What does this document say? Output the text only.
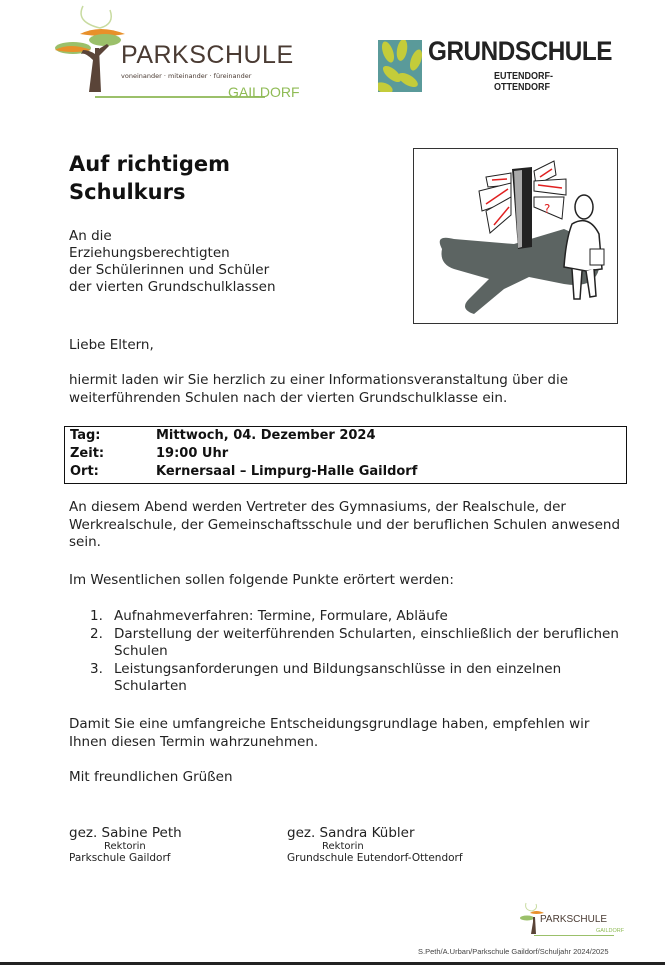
PARKSCHULE
voneinander · miteinander · füreinander
GAILDORF
GRUNDSCHULE
EUTENDORF-OTTENDORF
Auf richtigem
Schulkurs
An die
Erziehungsberechtigten
der Schülerinnen und Schüler
der vierten Grundschulklassen
?
Liebe Eltern,
hiermit laden wir Sie herzlich zu einer Informationsveranstaltung über die weiterführenden Schulen nach der vierten Grundschulklasse ein.
Tag:	Mittwoch, 04. Dezember 2024
Zeit:	19:00 Uhr
Ort:	Kernersaal – Limpurg-Halle Gaildorf
An diesem Abend werden Vertreter des Gymnasiums, der Realschule, der Werkrealschule, der Gemeinschaftsschule und der beruflichen Schulen anwesend sein.
Im Wesentlichen sollen folgende Punkte erörtert werden:
1. Aufnahmeverfahren: Termine, Formulare, Abläufe
2. Darstellung der weiterführenden Schularten, einschließlich der beruflichen Schulen
3. Leistungsanforderungen und Bildungsanschlüsse in den einzelnen Schularten
Damit Sie eine umfangreiche Entscheidungsgrundlage haben, empfehlen wir Ihnen diesen Termin wahrzunehmen.
Mit freundlichen Grüßen
gez. Sabine Peth
Rektorin
Parkschule Gaildorf
gez. Sandra Kübler
Rektorin
Grundschule Eutendorf-Ottendorf
PARKSCHULE
GAILDORF
S.Peth/A.Urban/Parkschule Gaildorf/Schuljahr 2024/2025
